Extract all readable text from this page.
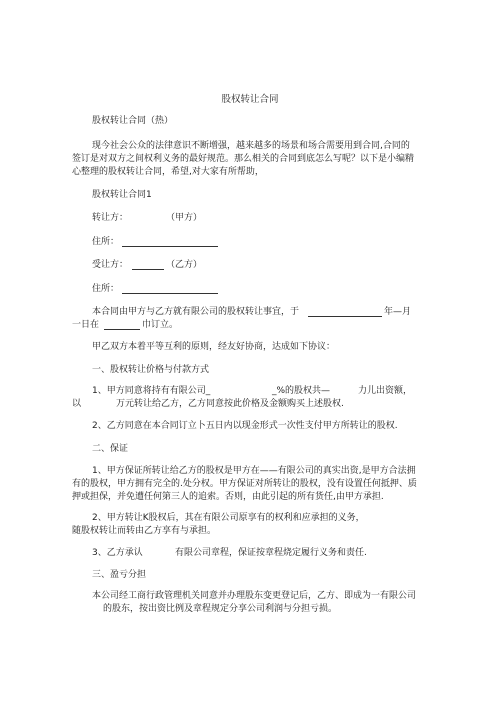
股权转让合同
股权转让合同（热）
现今社会公众的法律意识不断增强，越来越多的场景和场合需要用到合同,合同的
签订是对双方之间权利义务的最好规范。那么相关的合同到底怎么写呢？以下是小编精
心整理的股权转让合同，希望,对大家有所帮助，
股权转让合同1
转让方：	（甲方）
住所：
受让方：	（乙方）
住所：
本合同由甲方与乙方就有限公司的股权转让事宜，于	年—月
一日在	巾订立。
甲乙双方本着平等互利的原则，经友好协商，达成如下协议：
一、股权转让价格与付款方式
1、甲方同意将持有有限公司_	_%的股权共—	力儿出资额，
以	万元转让给乙方，乙方同意按此价格及金额购买上述股权.
2、乙方同意在本合同订立卜五日内以现金形式一次性支付甲方所转让的股权.
二、保证
1、甲方保证所转让给乙方的股权是甲方在——有限公司的真实出资,是甲方合法拥
有的股权，甲方拥有完全的.处分权。甲方保证对所转让的股权，没有设置任何抵押、质
押或担保，并免遭任何第三人的追索。否则，由此引起的所有货任,由甲方承担.
2、甲方转让K股权后，其在有限公司原享有的权利和应承担的义务，
随股权转让而转由乙方享有与承担。
3、乙方承认	有限公司章程，保证按章程烧定履行义务和责任.
三、盈亏分担
本公司经工商行政管理机关同意并办理股东变更登记后，乙方、即成为一有限公司
的股东，按出资比例及章程规定分享公司利润与分担亏损。
